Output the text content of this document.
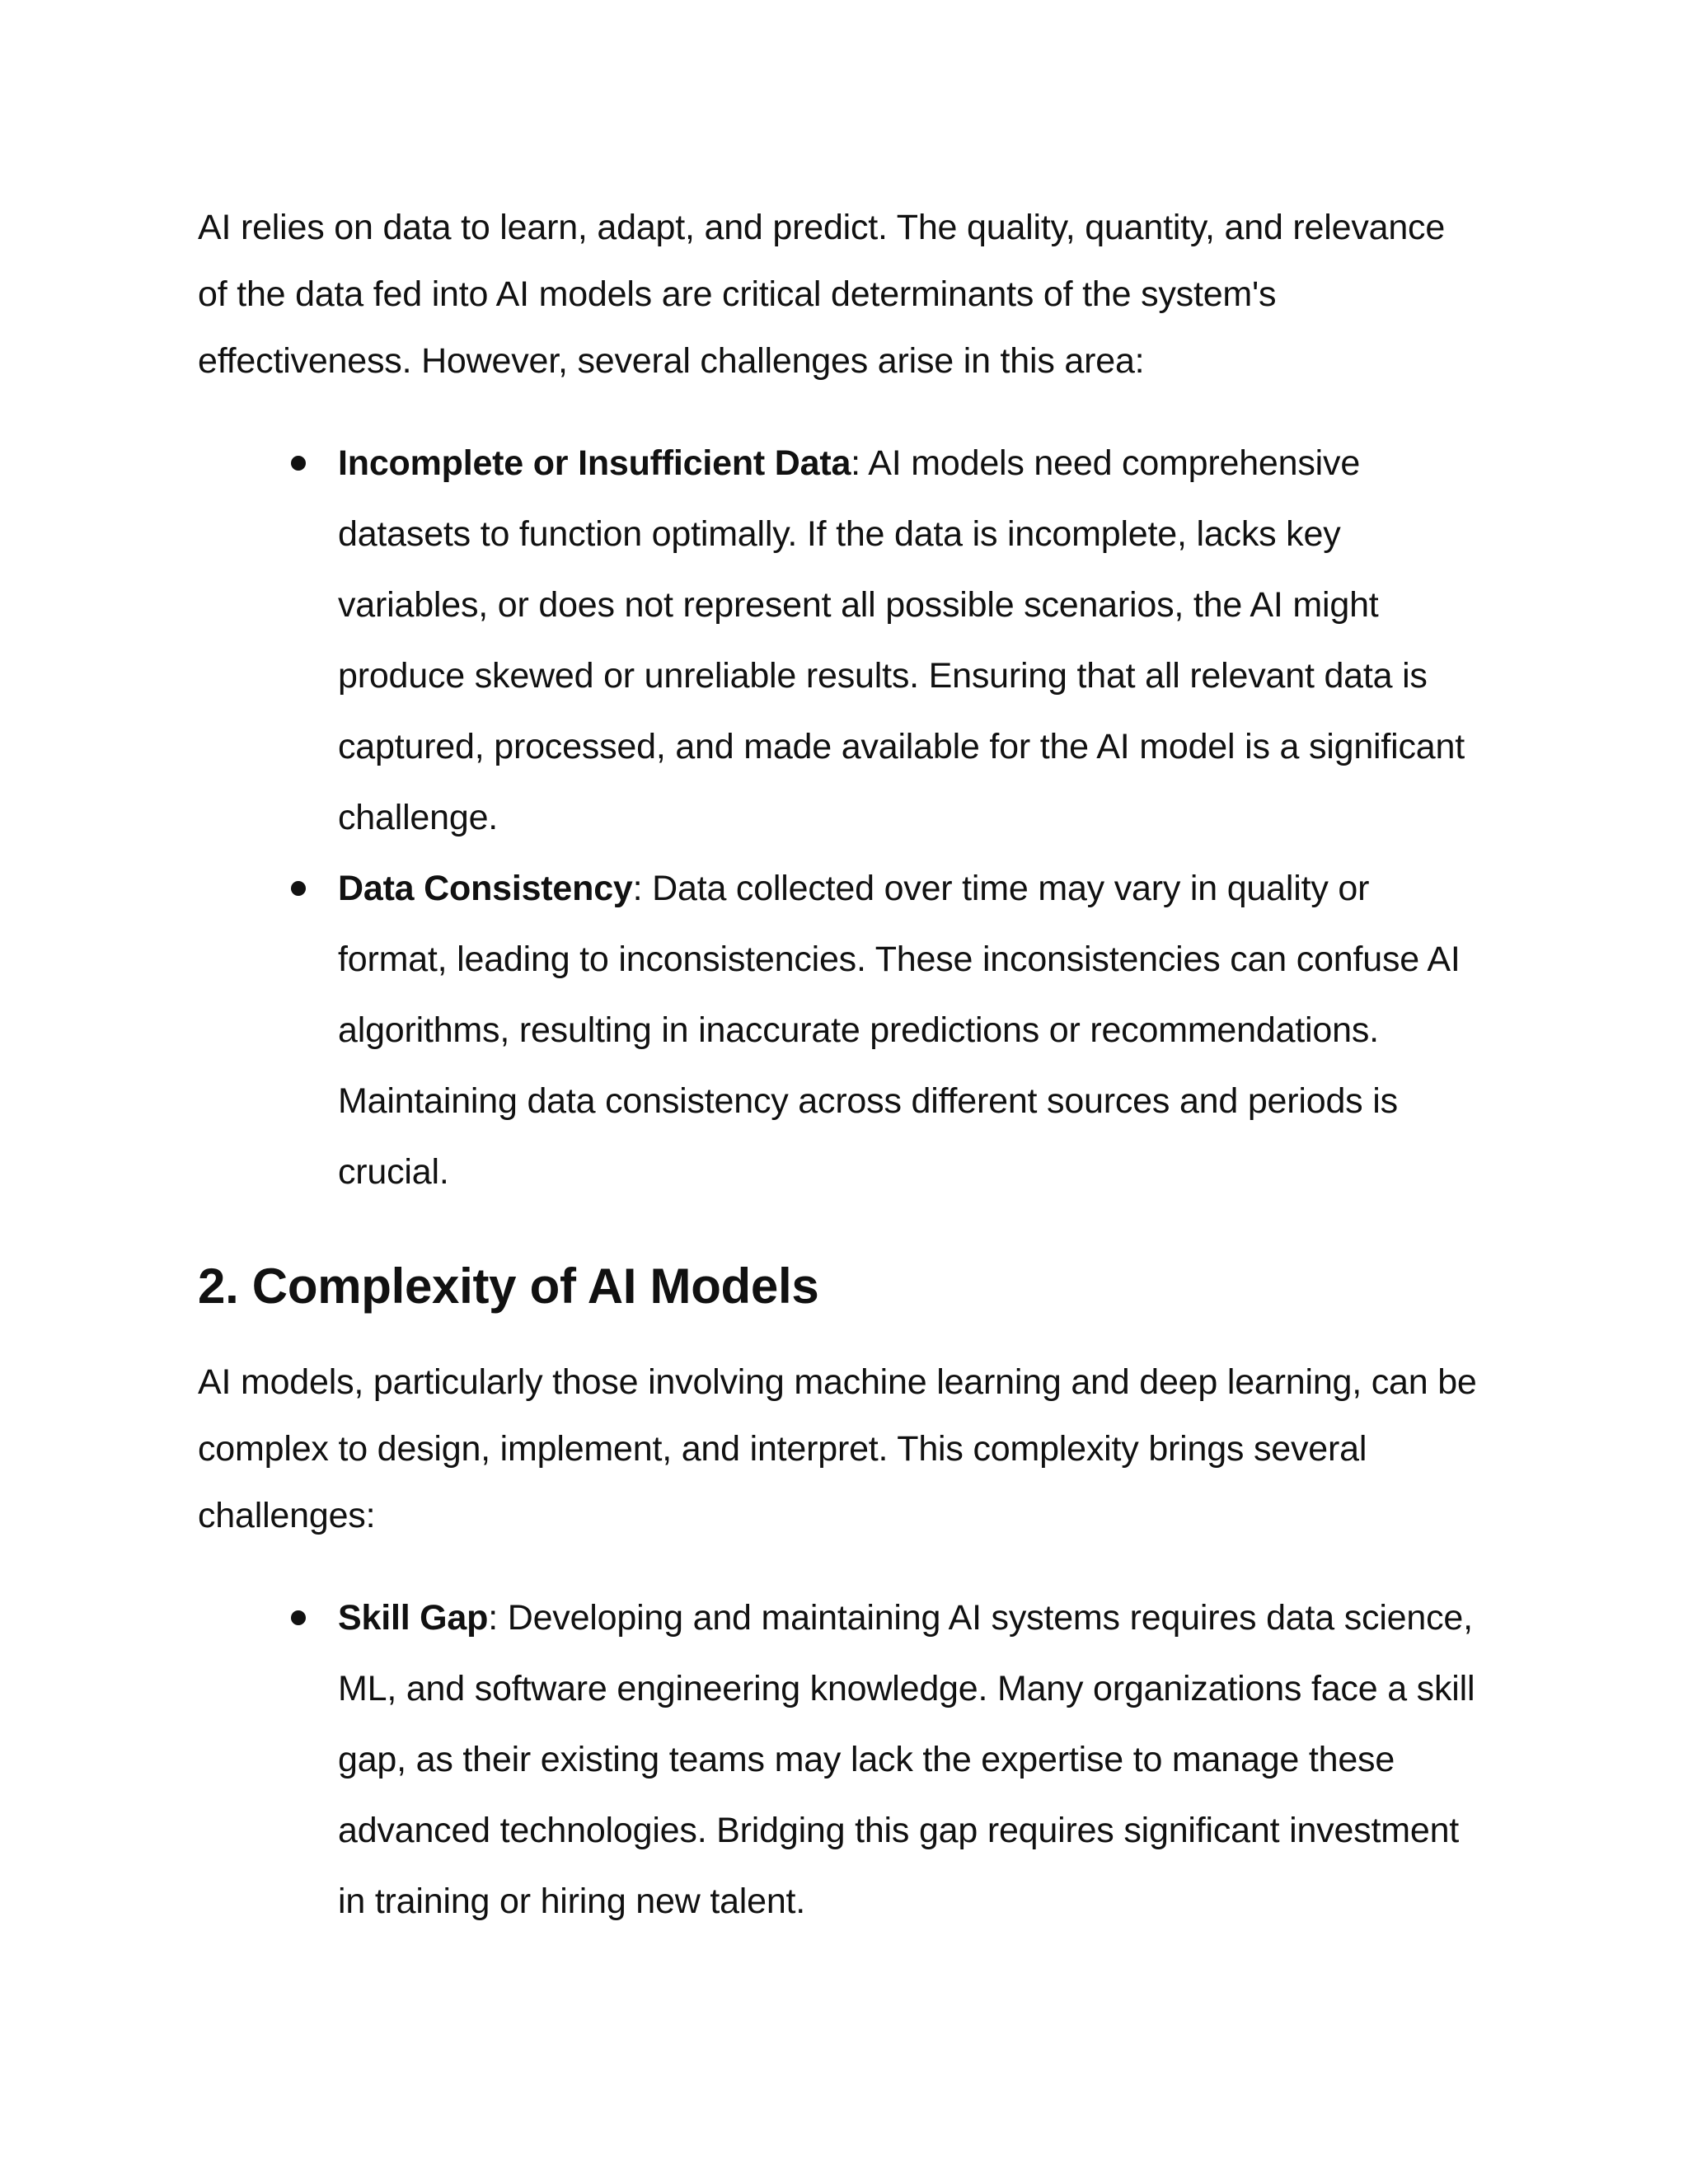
AI relies on data to learn, adapt, and predict. The quality, quantity, and relevance of the data fed into AI models are critical determinants of the system's effectiveness. However, several challenges arise in this area:

Incomplete or Insufficient Data: AI models need comprehensive datasets to function optimally. If the data is incomplete, lacks key variables, or does not represent all possible scenarios, the AI might produce skewed or unreliable results. Ensuring that all relevant data is captured, processed, and made available for the AI model is a significant challenge.
Data Consistency: Data collected over time may vary in quality or format, leading to inconsistencies. These inconsistencies can confuse AI algorithms, resulting in inaccurate predictions or recommendations. Maintaining data consistency across different sources and periods is crucial.
2. Complexity of AI Models

AI models, particularly those involving machine learning and deep learning, can be complex to design, implement, and interpret. This complexity brings several challenges:

Skill Gap: Developing and maintaining AI systems requires data science, ML, and software engineering knowledge. Many organizations face a skill gap, as their existing teams may lack the expertise to manage these advanced technologies. Bridging this gap requires significant investment in training or hiring new talent.
